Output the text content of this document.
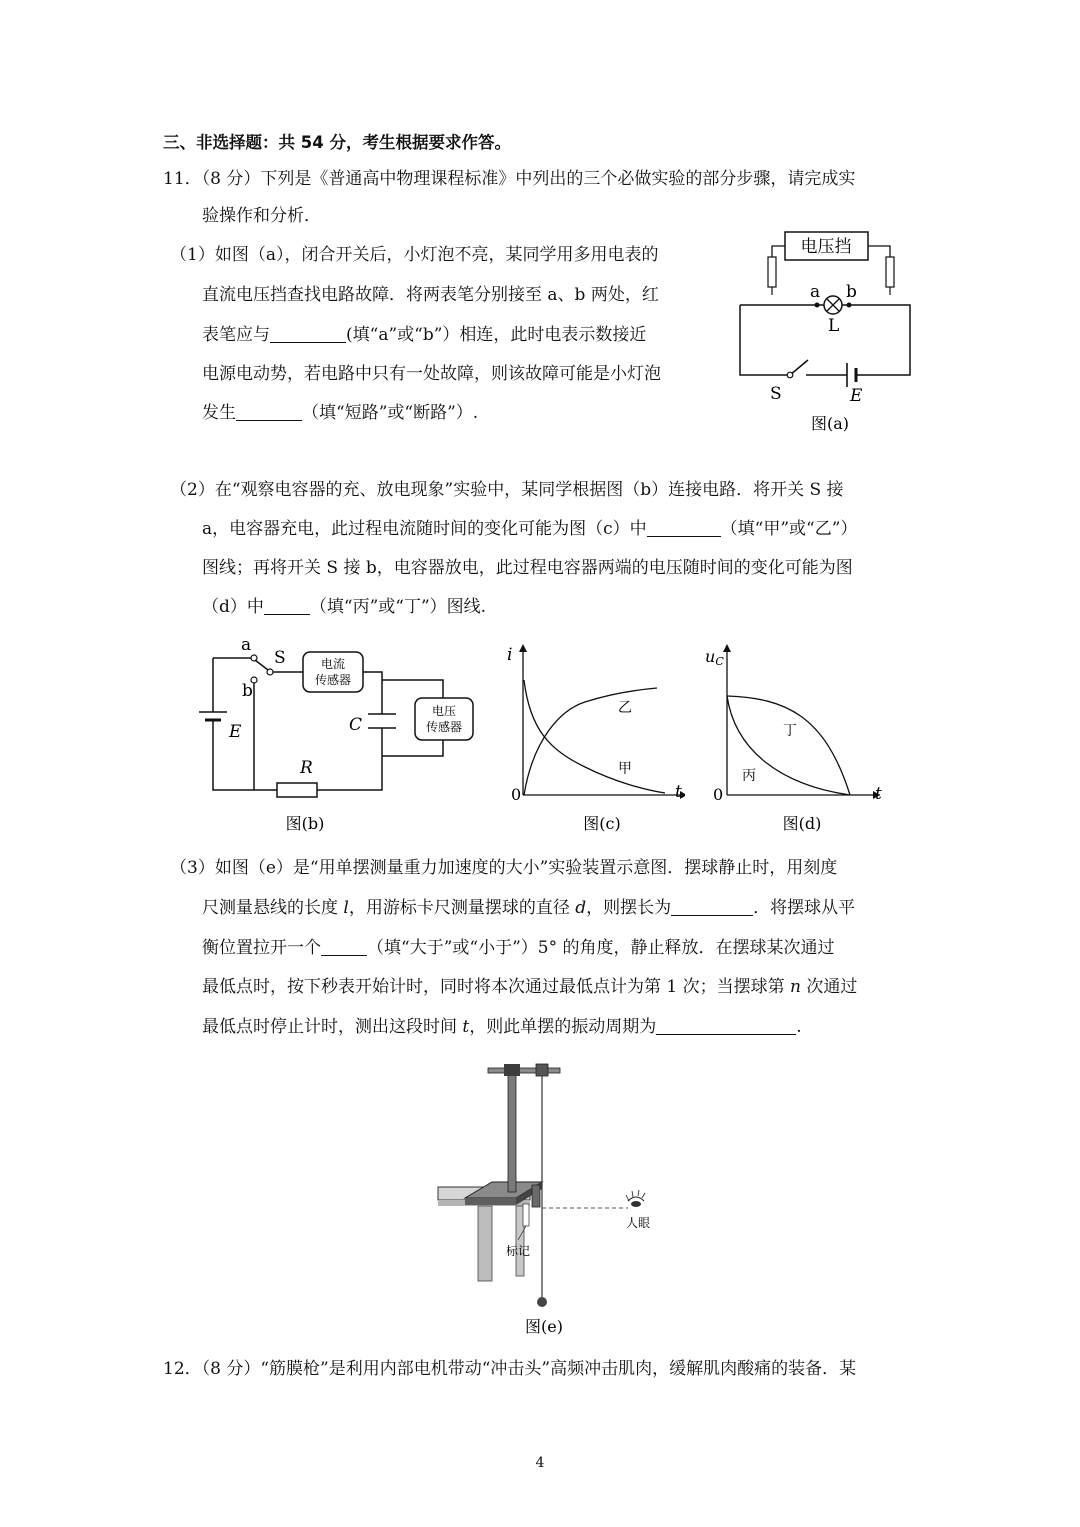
三、非选择题：共 54 分，考生根据要求作答。
11．（8 分）下列是《普通高中物理课程标准》中列出的三个必做实验的部分步骤，请完成实
验操作和分析．
（1）如图（a），闭合开关后，小灯泡不亮，某同学用多用电表的
直流电压挡查找电路故障．将两表笔分别接至 a、b 两处，红
表笔应与	(填“a”或“b”）相连，此时电表示数接近
电源电动势，若电路中只有一处故障，则该故障可能是小灯泡
发生	（填“短路”或“断路”）.
电压挡
a b
L
S	E
图(a)
（2）在“观察电容器的充、放电现象”实验中，某同学根据图（b）连接电路．将开关 S 接
a，电容器充电，此过程电流随时间的变化可能为图（c）中	（填“甲”或“乙”）
图线；再将开关 S 接 b，电容器放电，此过程电容器两端的电压随时间的变化可能为图
（d）中	（填“丙”或“丁”）图线.
E
a
b
S	电流
传感器
C
电压
传感器
R
图(b)
i
t
0
乙
甲
图(c)
uC
t
0
丁
丙
图(d)
（3）如图（e）是“用单摆测量重力加速度的大小”实验装置示意图．摆球静止时，用刻度
尺测量悬线的长度 l，用游标卡尺测量摆球的直径 d，则摆长为	．将摆球从平
衡位置拉开一个	（填“大于”或“小于”）5° 的角度，静止释放．在摆球某次通过
最低点时，按下秒表开始计时，同时将本次通过最低点计为第 1 次；当摆球第 n 次通过
最低点时停止计时，测出这段时间 t，则此单摆的振动周期为	.
标记
人眼
图(e)
12．（8 分）“筋膜枪”是利用内部电机带动“冲击头”高频冲击肌肉，缓解肌肉酸痛的装备．某
4
